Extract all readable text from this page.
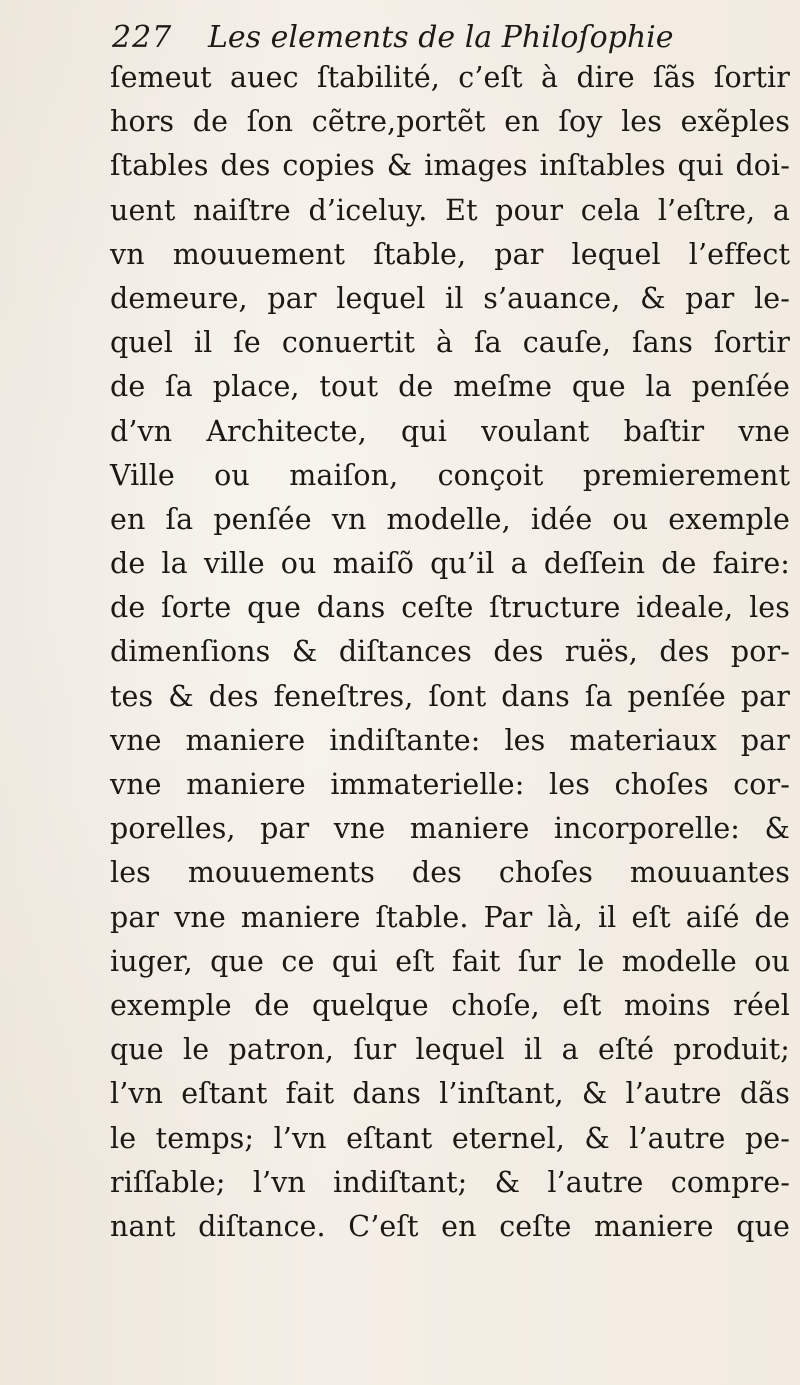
227 Les elements de la Philoſophie
ſemeut auec ſtabilité, c’eſt à dire ſãs ſortir
hors de ſon cẽtre,portẽt en ſoy les exẽples
ſtables des copies & images inſtables qui doi-
uent naiſtre d’iceluy. Et pour cela l’eſtre, a
vn mouuement ſtable, par lequel l’effect
demeure, par lequel il s’auance, & par le-
quel il ſe conuertit à ſa cauſe, ſans ſortir
de ſa place, tout de meſme que la penſée
d’vn Architecte, qui voulant baſtir vne
Ville ou maiſon, conçoit premierement
en ſa penſée vn modelle, idée ou exemple
de la ville ou maiſõ qu’il a deſſein de faire:
de ſorte que dans ceſte ſtructure ideale, les
dimenſions & diſtances des ruës, des por-
tes & des feneſtres, ſont dans ſa penſée par
vne maniere indiſtante: les materiaux par
vne maniere immaterielle: les choſes cor-
porelles, par vne maniere incorporelle: &
les mouuements des choſes mouuantes
par vne maniere ſtable. Par là, il eſt aiſé de
iuger, que ce qui eſt fait ſur le modelle ou
exemple de quelque choſe, eſt moins réel
que le patron, ſur lequel il a eſté produit;
l’vn eſtant fait dans l’inſtant, & l’autre dãs
le temps; l’vn eſtant eternel, & l’autre pe-
riſſable; l’vn indiſtant; & l’autre compre-
nant diſtance. C’eſt en ceſte maniere que
